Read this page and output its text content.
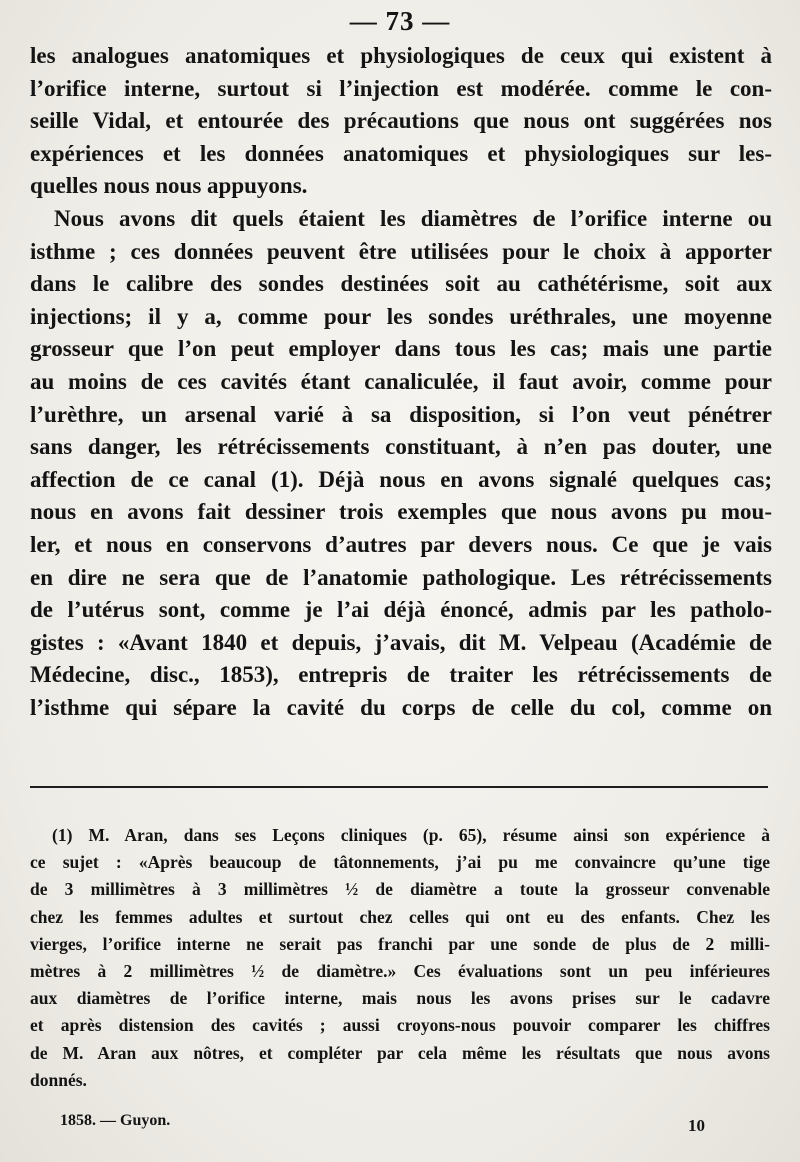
— 73 —
les analogues anatomiques et physiologiques de ceux qui existent à
l’orifice interne, surtout si l’injection est modérée. comme le con-
seille Vidal, et entourée des précautions que nous ont suggérées nos
expériences et les données anatomiques et physiologiques sur les-
quelles nous nous appuyons.
Nous avons dit quels étaient les diamètres de l’orifice interne ou
isthme ; ces données peuvent être utilisées pour le choix à apporter
dans le calibre des sondes destinées soit au cathétérisme, soit aux
injections; il y a, comme pour les sondes uréthrales, une moyenne
grosseur que l’on peut employer dans tous les cas; mais une partie
au moins de ces cavités étant canaliculée, il faut avoir, comme pour
l’urèthre, un arsenal varié à sa disposition, si l’on veut pénétrer
sans danger, les rétrécissements constituant, à n’en pas douter, une
affection de ce canal (1). Déjà nous en avons signalé quelques cas;
nous en avons fait dessiner trois exemples que nous avons pu mou-
ler, et nous en conservons d’autres par devers nous. Ce que je vais
en dire ne sera que de l’anatomie pathologique. Les rétrécissements
de l’utérus sont, comme je l’ai déjà énoncé, admis par les patholo-
gistes : «Avant 1840 et depuis, j’avais, dit M. Velpeau (Académie de
Médecine, disc., 1853), entrepris de traiter les rétrécissements de
l’isthme qui sépare la cavité du corps de celle du col, comme on
(1) M. Aran, dans ses Leçons cliniques (p. 65), résume ainsi son expérience à
ce sujet : «Après beaucoup de tâtonnements, j’ai pu me convaincre qu’une tige
de 3 millimètres à 3 millimètres ½ de diamètre a toute la grosseur convenable
chez les femmes adultes et surtout chez celles qui ont eu des enfants. Chez les
vierges, l’orifice interne ne serait pas franchi par une sonde de plus de 2 milli-
mètres à 2 millimètres ½ de diamètre.» Ces évaluations sont un peu inférieures
aux diamètres de l’orifice interne, mais nous les avons prises sur le cadavre
et après distension des cavités ; aussi croyons-nous pouvoir comparer les chiffres
de M. Aran aux nôtres, et compléter par cela même les résultats que nous avons
donnés.
1858. — Guyon.	10
